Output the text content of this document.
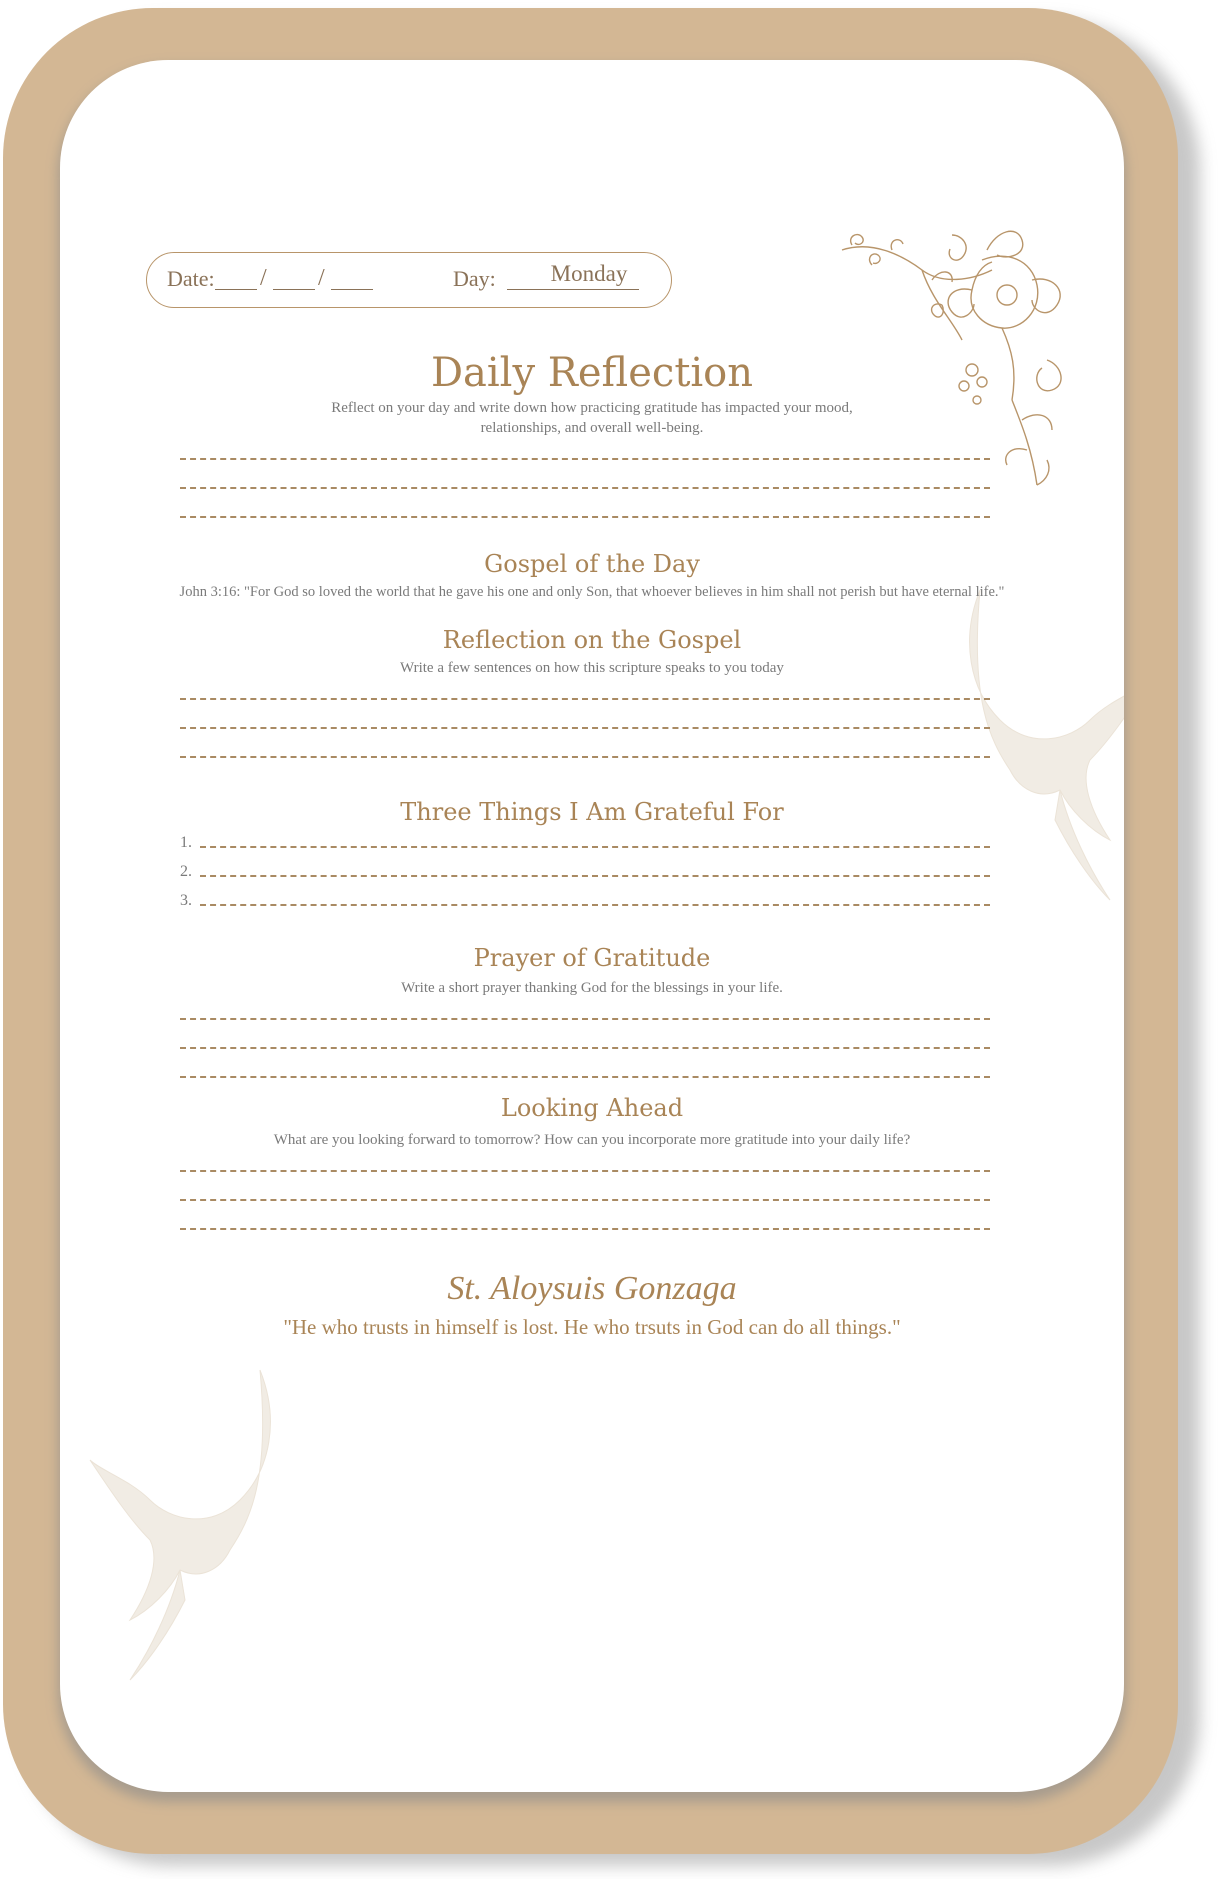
Date: / /	Day:	Monday
Daily Reflection
Reflect on your day and write down how practicing gratitude has impacted your mood,
relationships, and overall well-being.
Gospel of the Day
John 3:16: "For God so loved the world that he gave his one and only Son, that whoever believes in him shall not perish but have eternal life."
Reflection on the Gospel
Write a few sentences on how this scripture speaks to you today
Three Things I Am Grateful For
1.
2.
3.
Prayer of Gratitude
Write a short prayer thanking God for the blessings in your life.
Looking Ahead
What are you looking forward to tomorrow? How can you incorporate more gratitude into your daily life?
St. Aloysuis Gonzaga
"He who trusts in himself is lost. He who trsuts in God can do all things."
